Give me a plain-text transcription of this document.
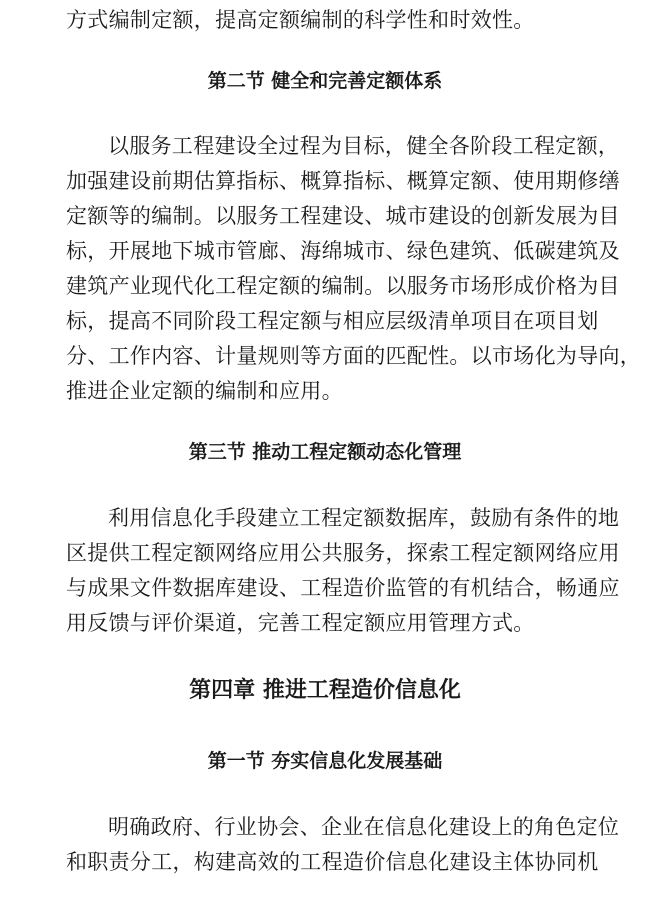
方式编制定额，提高定额编制的科学性和时效性。
第二节 健全和完善定额体系
以服务工程建设全过程为目标，健全各阶段工程定额，
加强建设前期估算指标、概算指标、概算定额、使用期修缮
定额等的编制。以服务工程建设、城市建设的创新发展为目
标，开展地下城市管廊、海绵城市、绿色建筑、低碳建筑及
建筑产业现代化工程定额的编制。以服务市场形成价格为目
标，提高不同阶段工程定额与相应层级清单项目在项目划
分、工作内容、计量规则等方面的匹配性。以市场化为导向，
推进企业定额的编制和应用。
第三节 推动工程定额动态化管理
利用信息化手段建立工程定额数据库，鼓励有条件的地
区提供工程定额网络应用公共服务，探索工程定额网络应用
与成果文件数据库建设、工程造价监管的有机结合，畅通应
用反馈与评价渠道，完善工程定额应用管理方式。
第四章 推进工程造价信息化
第一节 夯实信息化发展基础
明确政府、行业协会、企业在信息化建设上的角色定位
和职责分工，构建高效的工程造价信息化建设主体协同机
